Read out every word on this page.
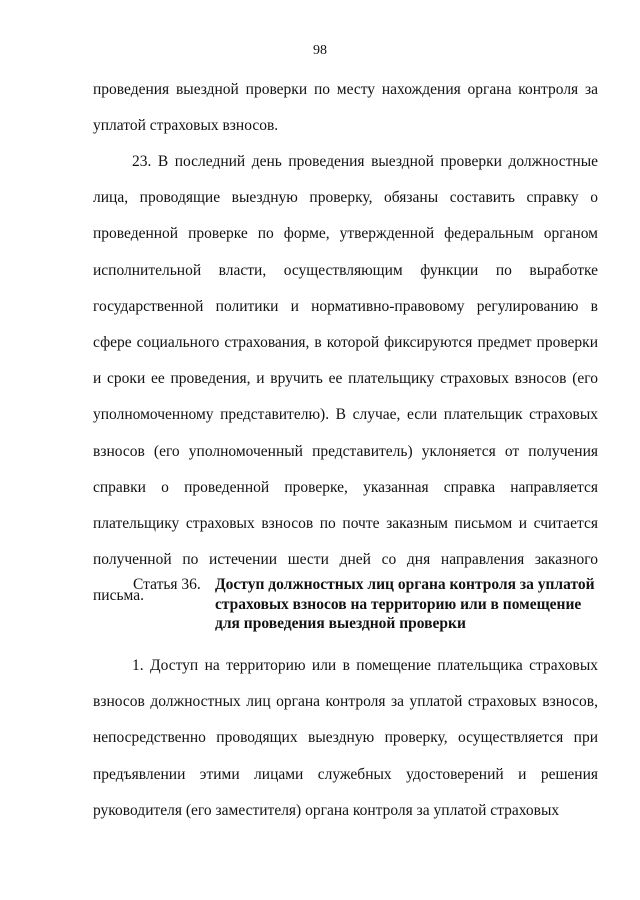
98

проведения выездной проверки по месту нахождения органа контроля за уплатой страховых взносов.

23. В последний день проведения выездной проверки должностные лица, проводящие выездную проверку, обязаны составить справку о проведенной проверке по форме, утвержденной федеральным органом исполнительной власти, осуществляющим функции по выработке государственной политики и нормативно-правовому регулированию в сфере социального страхования, в которой фиксируются предмет проверки и сроки ее проведения, и вручить ее плательщику страховых взносов (его уполномоченному представителю). В случае, если плательщик страховых взносов (его уполномоченный представитель) уклоняется от получения справки о проведенной проверке, указанная справка направляется плательщику страховых взносов по почте заказным письмом и считается полученной по истечении шести дней со дня направления заказного письма.

Статья 36. Доступ должностных лиц органа контроля за уплатой страховых взносов на территорию или в помещение для проведения выездной проверки

1. Доступ на территорию или в помещение плательщика страховых взносов должностных лиц органа контроля за уплатой страховых взносов, непосредственно проводящих выездную проверку, осуществляется при предъявлении этими лицами служебных удостоверений и решения руководителя (его заместителя) органа контроля за уплатой страховых
